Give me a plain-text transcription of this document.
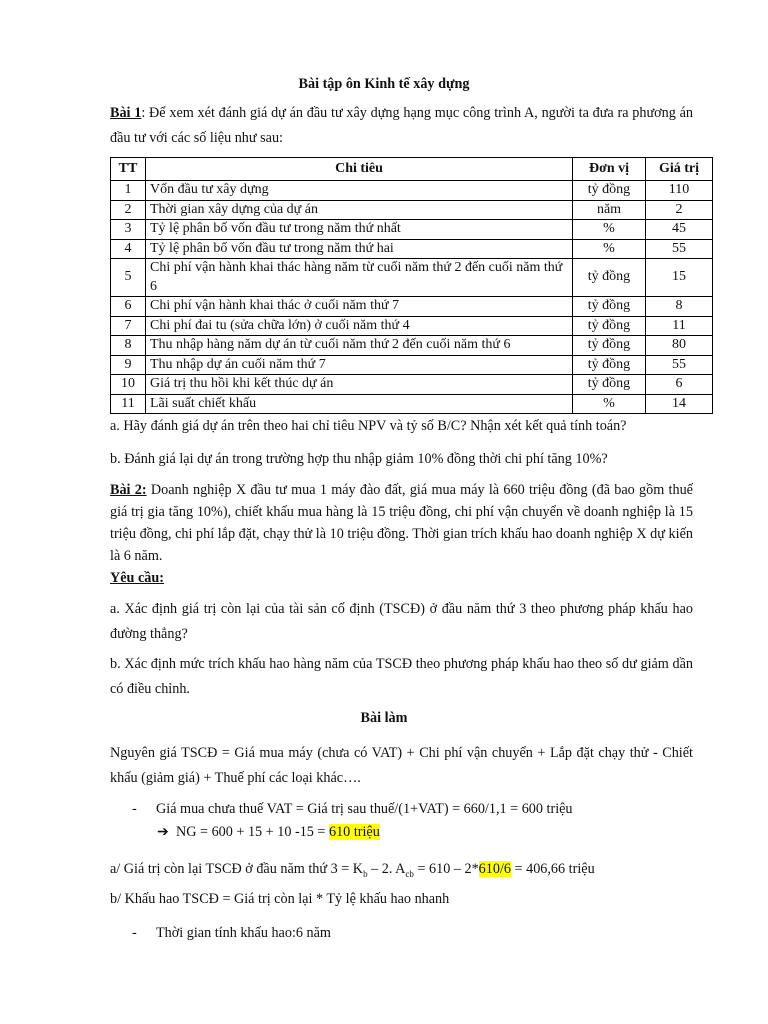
Bài tập ôn Kinh tế xây dựng

Bài 1: Để xem xét đánh giá dự án đầu tư xây dựng hạng mục công trình A, người ta đưa ra phương án đầu tư với các số liệu như sau:

TT	Chi tiêu	Đơn vị	Giá trị
1	Vốn đầu tư xây dựng	tỷ đồng	110
2	Thời gian xây dựng của dự án	năm	2
3	Tỷ lệ phân bố vốn đầu tư trong năm thứ nhất	%	45
4	Tỷ lệ phân bố vốn đầu tư trong năm thứ hai	%	55
5	Chi phí vận hành khai thác hàng năm từ cuối năm thứ 2 đến cuối năm thứ 6	tỷ đồng	15
6	Chi phí vận hành khai thác ở cuối năm thứ 7	tỷ đồng	8
7	Chi phí đai tu (sửa chữa lớn) ở cuối năm thứ 4	tỷ đồng	11
8	Thu nhập hàng năm dự án từ cuối năm thứ 2 đến cuối năm thứ 6	tỷ đồng	80
9	Thu nhập dự án cuối năm thứ 7	tỷ đồng	55
10	Giá trị thu hồi khi kết thúc dự án	tỷ đồng	6
11	Lãi suất chiết khấu	%	14

a. Hãy đánh giá dự án trên theo hai chỉ tiêu NPV và tỷ số B/C? Nhận xét kết quả tính toán?

b. Đánh giá lại dự án trong trường hợp thu nhập giảm 10% đồng thời chi phí tăng 10%?

Bài 2: Doanh nghiệp X đầu tư mua 1 máy đào đất, giá mua máy là 660 triệu đồng (đã bao gồm thuế giá trị gia tăng 10%), chiết khấu mua hàng là 15 triệu đồng, chi phí vận chuyển về doanh nghiệp là 15 triệu đồng, chi phí lắp đặt, chạy thử là 10 triệu đồng. Thời gian trích khấu hao doanh nghiệp X dự kiến là 6 năm.

Yêu cầu:

a. Xác định giá trị còn lại của tài sản cố định (TSCĐ) ở đầu năm thứ 3 theo phương pháp khấu hao đường thẳng?

b. Xác định mức trích khấu hao hàng năm của TSCĐ theo phương pháp khấu hao theo số dư giảm dần có điều chỉnh.

Bài làm

Nguyên giá TSCĐ = Giá mua máy (chưa có VAT) + Chi phí vận chuyển + Lắp đặt chạy thử - Chiết khấu (giảm giá) + Thuế phí các loại khác….

- Giá mua chưa thuế VAT = Giá trị sau thuế/(1+VAT) = 660/1,1 = 600 triệu
➔ NG = 600 + 15 + 10 -15 = 610 triệu

a/ Giá trị còn lại TSCĐ ở đầu năm thứ $3 = K_b - 2$. $A_{cb} = 610 - 2*610/6 = 406,66$ triệu

b/ Khấu hao TSCĐ = Giá trị còn lại * Tỷ lệ khấu hao nhanh

- Thời gian tính khấu hao:6 năm
